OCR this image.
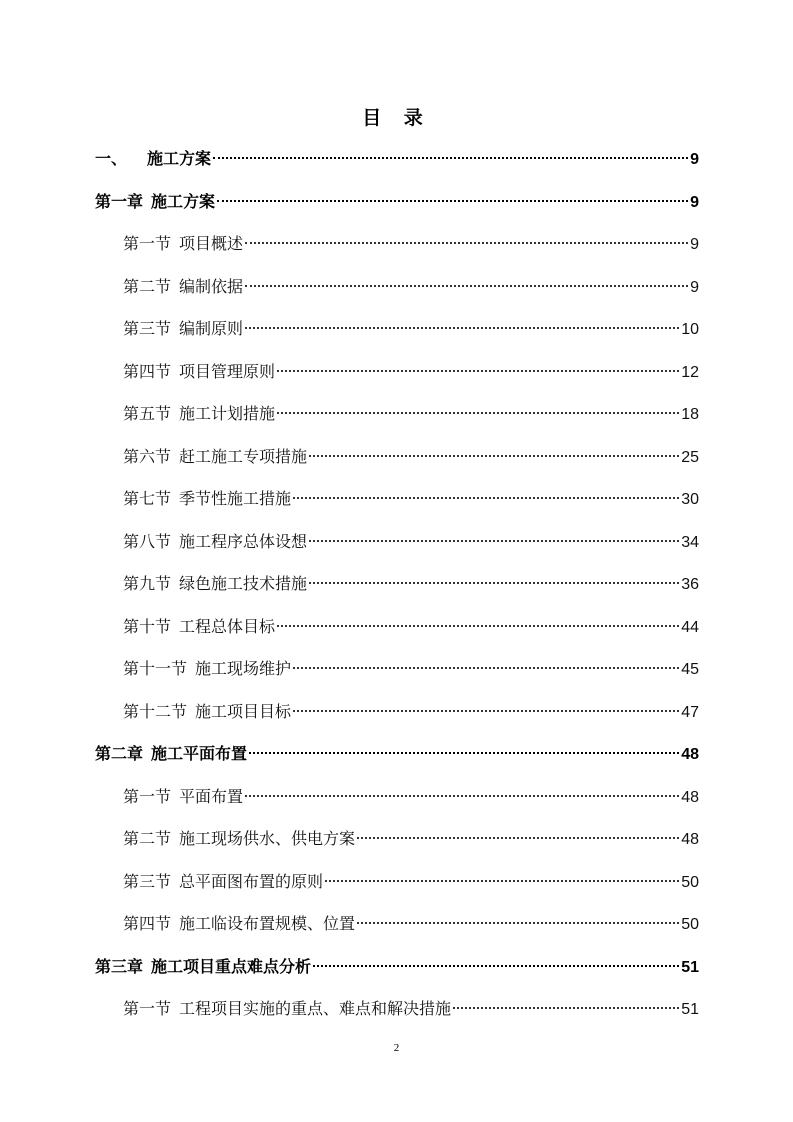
目 录
一、 施工方案	9
第一章 施工方案	9
第一节 项目概述	9
第二节 编制依据	9
第三节 编制原则	10
第四节 项目管理原则	12
第五节 施工计划措施	18
第六节 赶工施工专项措施	25
第七节 季节性施工措施	30
第八节 施工程序总体设想	34
第九节 绿色施工技术措施	36
第十节 工程总体目标	44
第十一节 施工现场维护	45
第十二节 施工项目目标	47
第二章 施工平面布置	48
第一节 平面布置	48
第二节 施工现场供水、供电方案	48
第三节 总平面图布置的原则	50
第四节 施工临设布置规模、位置	50
第三章 施工项目重点难点分析	51
第一节 工程项目实施的重点、难点和解决措施	51
2
